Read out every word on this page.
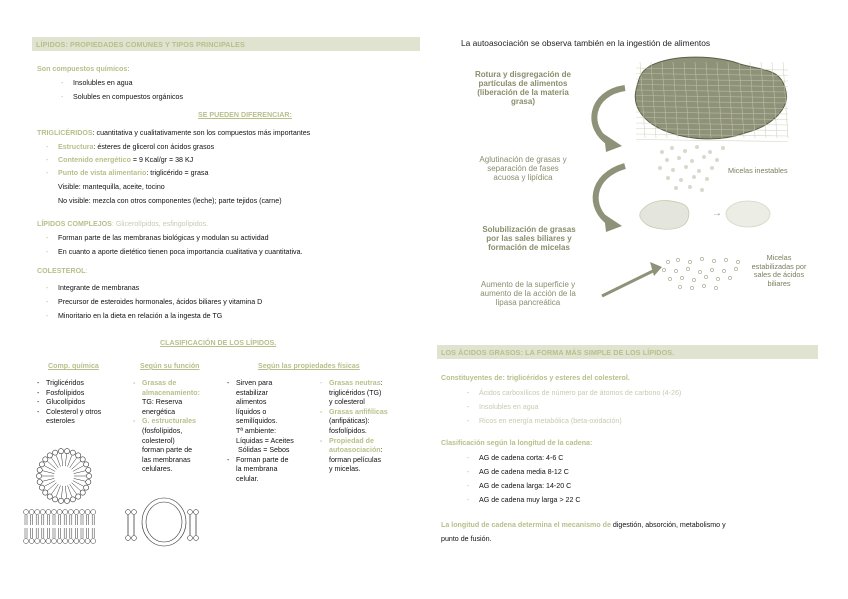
LÍPIDOS: PROPIEDADES COMUNES Y TIPOS PRINCIPALES
Son compuestos químicos:
- Insolubles en agua
- Solubles en compuestos orgánicos
SE PUEDEN DIFERENCIAR:
TRIGLICÉRIDOS: cuantitativa y cualitativamente son los compuestos más importantes
- Estructura: ésteres de glicerol con ácidos grasos
- Contenido energético = 9 Kcal/gr = 38 KJ
- Punto de vista alimentario: triglicérido = grasa
Visible: mantequilla, aceite, tocino
No visible: mezcla con otros componentes (leche); parte tejidos (carne)
LÍPIDOS COMPLEJOS: Glicerolípidos, esfingolípidos.
- Forman parte de las membranas biológicas y modulan su actividad
- En cuanto a aporte dietético tienen poca importancia cualitativa y cuantitativa.
COLESTEROL:
- Integrante de membranas
- Precursor de esteroides hormonales, ácidos biliares y vitamina D
- Minoritario en la dieta en relación a la ingesta de TG
CLASIFICACIÓN DE LOS LÍPIDOS.
Comp. química	Según su función	Según las propiedades físicas
- Triglicéridos
- Fosfolípidos
- Glucolípidos
- Colesterol y otros
esteroles
- Grasas de
almacenamiento:
TG: Reserva
energética
- G. estructurales
(fosfolípidos,
colesterol)
forman parte de
las membranas
celulares.
- Sirven para
estabilizar
alimentos
líquidos o
semilíquidos.
Tª ambiente:
Líquidas = Aceites
Sólidas = Sebos
- Forman parte de
la membrana
celular.
- Grasas neutras:
triglicéridos (TG)
y colesterol
- Grasas anfifílicas
(anfipáticas):
fosfolípidos.
- Propiedad de
autoasociación:
forman películas
y micelas.
La autoasociación se observa también en la ingestión de alimentos
→
Rotura y disgregación de
partículas de alimentos
(liberación de la materia
grasa)
Aglutinación de grasas y
separación de fases
acuosa y lipídica
Micelas inestables
Solubilización de grasas
por las sales biliares y
formación de micelas
Aumento de la superficie y
aumento de la acción de la
lipasa pancreática
Micelas
estabilizadas por
sales de ácidos
biliares
LOS ÁCIDOS GRASOS: LA FORMA MÁS SIMPLE DE LOS LÍPIDOS.
Constituyentes de: triglicéridos y esteres del colesterol.
- Ácidos carboxílicos de número par de átomos de carbono (4-26)
- Insolubles en agua
- Ricos en energía metabólica (beta-oxidación)
Clasificación según la longitud de la cadena:
- AG de cadena corta: 4-6 C
- AG de cadena media 8-12 C
- AG de cadena larga: 14-20 C
- AG de cadena muy larga > 22 C
La longitud de cadena determina el mecanismo de digestión, absorción, metabolismo y
punto de fusión.
